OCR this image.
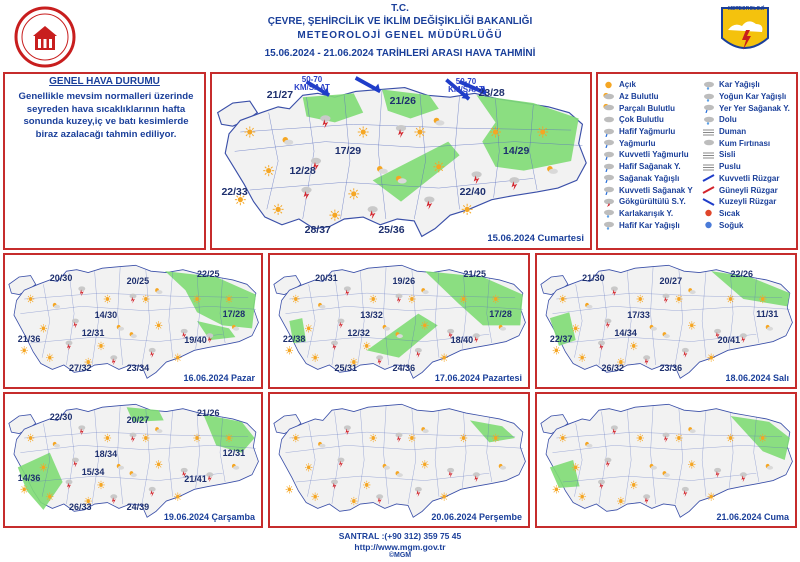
T.C.
ÇEVRE, ŞEHİRCİLİK VE İKLİM DEĞİŞİKLİĞİ BAKANLIĞI
METEOROLOJİ GENEL MÜDÜRLÜĞÜ
15.06.2024 - 21.06.2024 TARİHLERİ ARASI HAVA TAHMİNİ
METEOROLOJİ
GENEL HAVA DURUMU
Genellikle mevsim normalleri üzerinde seyreden hava sıcaklıklarının hafta sonunda kuzey,iç ve batı kesimlerde biraz azalacağı tahmin ediliyor.
21/27	21/26
23/28
17/29
12/28
14/29
22/33	22/40
28/37	25/36
15.06.2024 Cumartesi
50-70 KM/SAAT
50-70 KM/SAAT
Açık
Az Bulutlu
Parçalı Bulutlu
Çok Bulutlu
Hafif Yağmurlu
Yağmurlu
Kuvvetli Yağmurlu
Hafif Sağanak Y.
Sağanak Yağışlı
Kuvvetli Sağanak Y
Gökgürültülü S.Y.
Karlakarışık Y.
Hafif Kar Yağışlı
Kar Yağışlı
Yoğun Kar Yağışlı
Yer Yer Sağanak Y.
Dolu
Duman
Kum Fırtınası
Sisli
Puslu
Kuvvetli Rüzgar
Güneyli Rüzgar
Kuzeyli Rüzgar
Sıcak
Soğuk
20/30	20/25
22/25
14/30
12/31
17/28
21/36	19/40
27/32	23/34
16.06.2024 Pazar
20/31	19/26
21/25
13/32
12/32
17/28
22/38	18/40
25/31	24/36
17.06.2024 Pazartesi
21/30	20/27
22/26
17/33
14/34
11/31
22/37	20/41
26/32	23/36
18.06.2024 Salı
22/30	20/27
21/26
18/34
15/34
12/31
14/36	21/41
26/33	24/39
19.06.2024 Çarşamba	20.06.2024 Perşembe	21.06.2024 Cuma
SANTRAL :(+90 312) 359 75 45
http://www.mgm.gov.tr
©MGM
